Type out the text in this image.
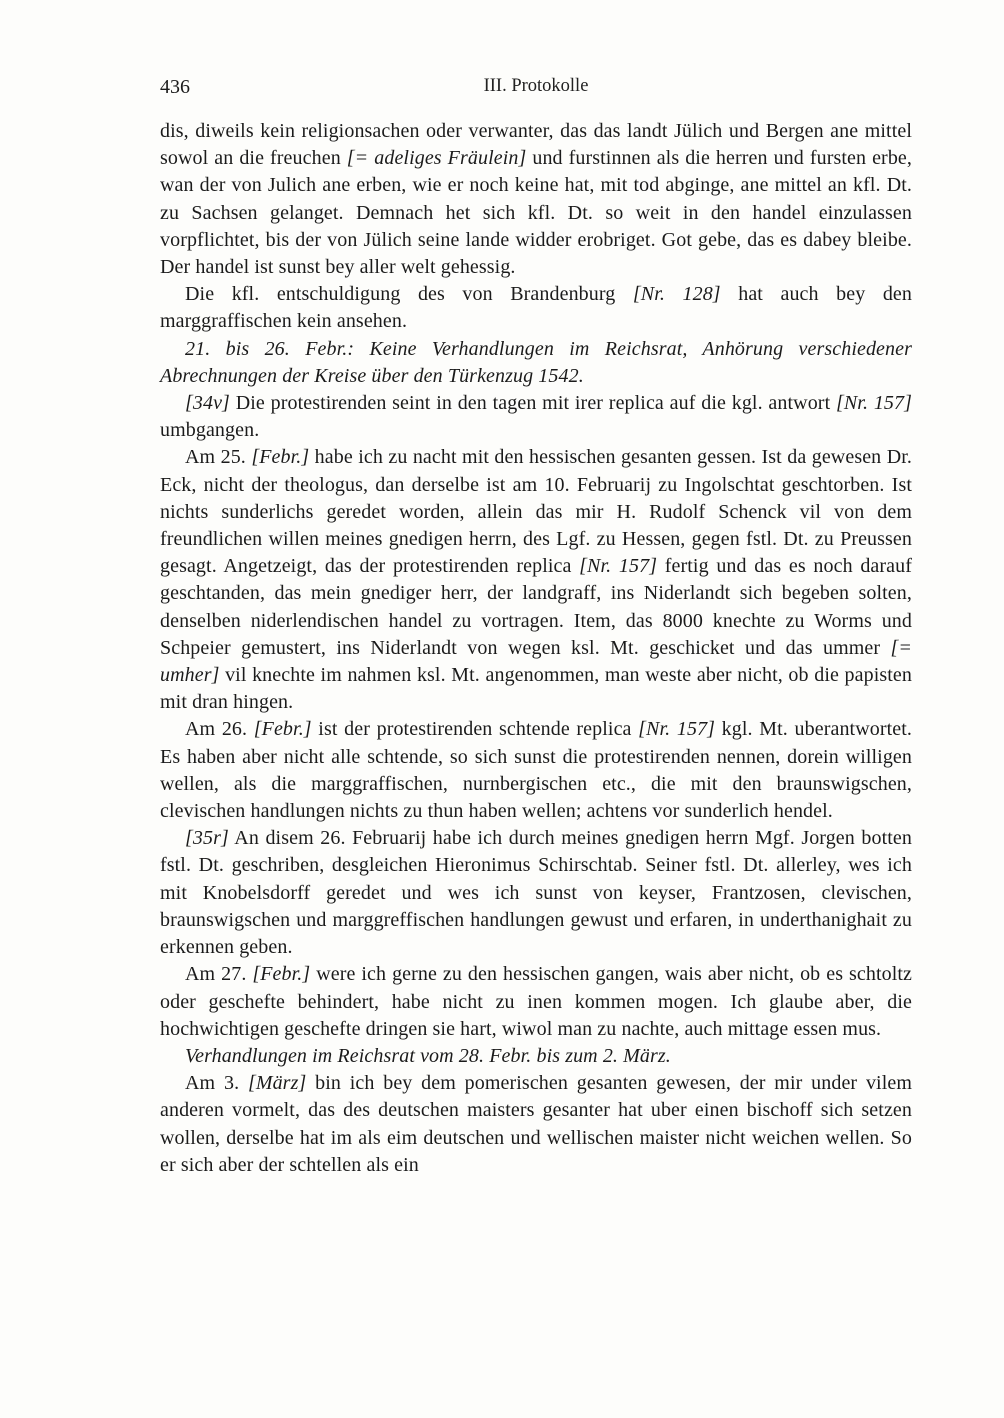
436	III. Protokolle

dis, diweils kein religionsachen oder verwanter, das das landt Jülich und Bergen ane mittel sowol an die freuchen [= adeliges Fräulein] und furstinnen als die herren und fursten erbe, wan der von Julich ane erben, wie er noch keine hat, mit tod abginge, ane mittel an kfl. Dt. zu Sachsen gelanget. Demnach het sich kfl. Dt. so weit in den handel einzulassen vorpflichtet, bis der von Jülich seine lande widder erobriget. Got gebe, das es dabey bleibe. Der handel ist sunst bey aller welt gehessig.

Die kfl. entschuldigung des von Brandenburg [Nr. 128] hat auch bey den marggraffischen kein ansehen.

21. bis 26. Febr.: Keine Verhandlungen im Reichsrat, Anhörung verschiedener Abrechnungen der Kreise über den Türkenzug 1542.

[34v] Die protestirenden seint in den tagen mit irer replica auf die kgl. antwort [Nr. 157] umbgangen.

Am 25. [Febr.] habe ich zu nacht mit den hessischen gesanten gessen. Ist da gewesen Dr. Eck, nicht der theologus, dan derselbe ist am 10. Februarij zu Ingolschtat geschtorben. Ist nichts sunderlichs geredet worden, allein das mir H. Rudolf Schenck vil von dem freundlichen willen meines gnedigen herrn, des Lgf. zu Hessen, gegen fstl. Dt. zu Preussen gesagt. Angetzeigt, das der protestirenden replica [Nr. 157] fertig und das es noch darauf geschtanden, das mein gnediger herr, der landgraff, ins Niderlandt sich begeben solten, denselben niderlendischen handel zu vortragen. Item, das 8000 knechte zu Worms und Schpeier gemustert, ins Niderlandt von wegen ksl. Mt. geschicket und das ummer [= umher] vil knechte im nahmen ksl. Mt. angenommen, man weste aber nicht, ob die papisten mit dran hingen.

Am 26. [Febr.] ist der protestirenden schtende replica [Nr. 157] kgl. Mt. uberantwortet. Es haben aber nicht alle schtende, so sich sunst die protestirenden nennen, dorein willigen wellen, als die marggraffischen, nurnbergischen etc., die mit den braunswigschen, clevischen handlungen nichts zu thun haben wellen; achtens vor sunderlich hendel.

[35r] An disem 26. Februarij habe ich durch meines gnedigen herrn Mgf. Jorgen botten fstl. Dt. geschriben, desgleichen Hieronimus Schirschtab. Seiner fstl. Dt. allerley, wes ich mit Knobelsdorff geredet und wes ich sunst von keyser, Frantzosen, clevischen, braunswigschen und marggreffischen handlungen gewust und erfaren, in underthanighait zu erkennen geben.

Am 27. [Febr.] were ich gerne zu den hessischen gangen, wais aber nicht, ob es schtoltz oder geschefte behindert, habe nicht zu inen kommen mogen. Ich glaube aber, die hochwichtigen geschefte dringen sie hart, wiwol man zu nachte, auch mittage essen mus.

Verhandlungen im Reichsrat vom 28. Febr. bis zum 2. März.

Am 3. [März] bin ich bey dem pomerischen gesanten gewesen, der mir under vilem anderen vormelt, das des deutschen maisters gesanter hat uber einen bischoff sich setzen wollen, derselbe hat im als eim deutschen und wellischen maister nicht weichen wellen. So er sich aber der schtellen als ein
